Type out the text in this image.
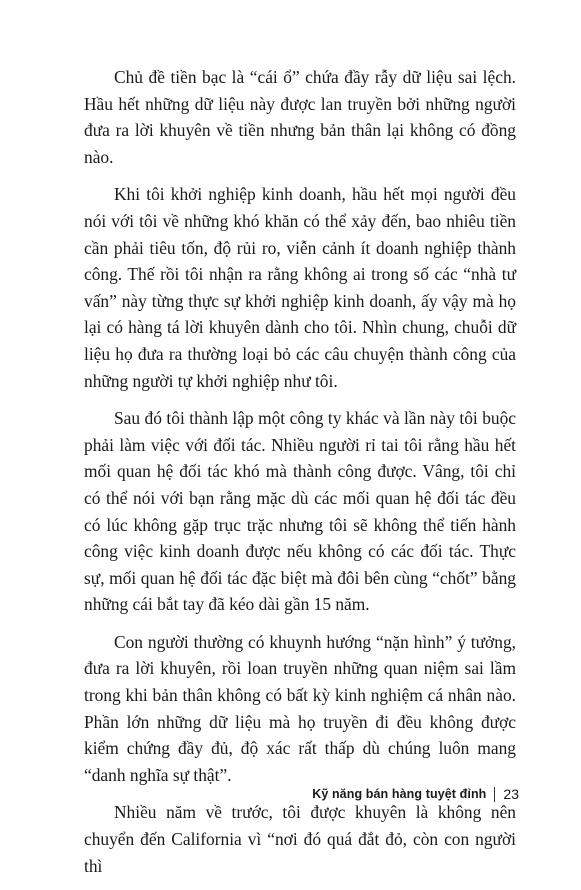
Chủ đề tiền bạc là “cái ổ” chứa đầy rẫy dữ liệu sai lệch. Hầu hết những dữ liệu này được lan truyền bởi những người đưa ra lời khuyên về tiền nhưng bản thân lại không có đồng nào.

Khi tôi khởi nghiệp kinh doanh, hầu hết mọi người đều nói với tôi về những khó khăn có thể xảy đến, bao nhiêu tiền cần phải tiêu tốn, độ rủi ro, viễn cảnh ít doanh nghiệp thành công. Thế rồi tôi nhận ra rằng không ai trong số các “nhà tư vấn” này từng thực sự khởi nghiệp kinh doanh, ấy vậy mà họ lại có hàng tá lời khuyên dành cho tôi. Nhìn chung, chuỗi dữ liệu họ đưa ra thường loại bỏ các câu chuyện thành công của những người tự khởi nghiệp như tôi.

Sau đó tôi thành lập một công ty khác và lần này tôi buộc phải làm việc với đối tác. Nhiều người rỉ tai tôi rằng hầu hết mối quan hệ đối tác khó mà thành công được. Vâng, tôi chỉ có thể nói với bạn rằng mặc dù các mối quan hệ đối tác đều có lúc không gặp trục trặc nhưng tôi sẽ không thể tiến hành công việc kinh doanh được nếu không có các đối tác. Thực sự, mối quan hệ đối tác đặc biệt mà đôi bên cùng “chốt” bằng những cái bắt tay đã kéo dài gần 15 năm.

Con người thường có khuynh hướng “nặn hình” ý tưởng, đưa ra lời khuyên, rồi loan truyền những quan niệm sai lầm trong khi bản thân không có bất kỳ kinh nghiệm cá nhân nào. Phần lớn những dữ liệu mà họ truyền đi đều không được kiểm chứng đầy đủ, độ xác rất thấp dù chúng luôn mang “danh nghĩa sự thật”.

Nhiều năm về trước, tôi được khuyên là không nên chuyển đến California vì “nơi đó quá đắt đỏ, còn con người thì

Kỹ năng bán hàng tuyệt đỉnh 23
